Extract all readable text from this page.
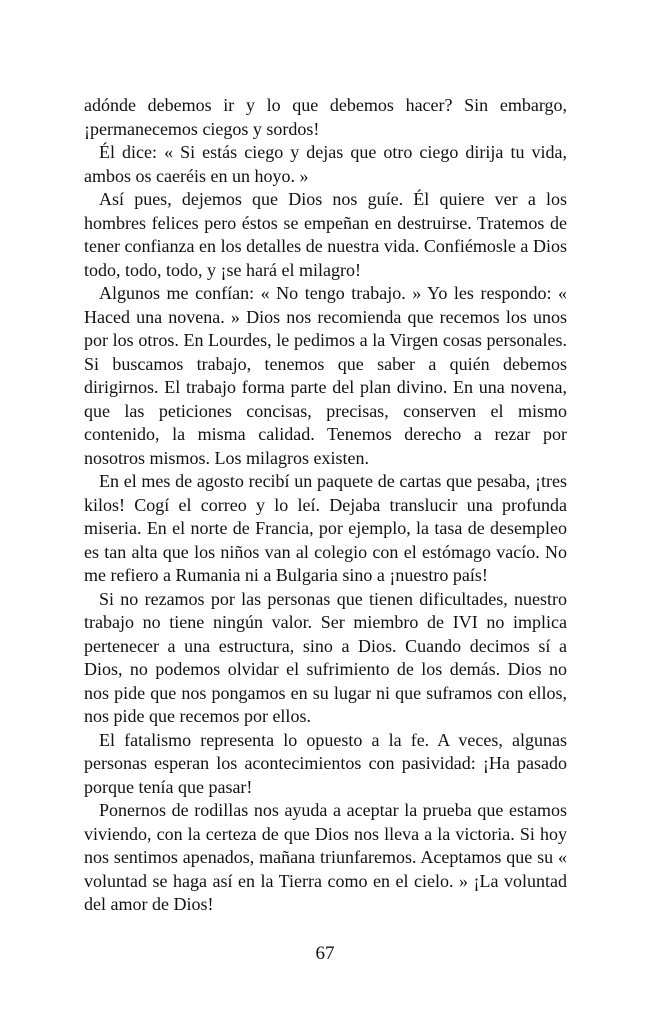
adónde debemos ir y lo que debemos hacer? Sin embargo, ¡permanecemos ciegos y sordos!

Él dice: « Si estás ciego y dejas que otro ciego dirija tu vida, ambos os caeréis en un hoyo. »

Así pues, dejemos que Dios nos guíe. Él quiere ver a los hombres felices pero éstos se empeñan en destruirse. Tratemos de tener confianza en los detalles de nuestra vida. Confiémosle a Dios todo, todo, todo, y ¡se hará el milagro!

Algunos me confían: « No tengo trabajo. » Yo les respondo: « Haced una novena. » Dios nos recomienda que recemos los unos por los otros. En Lourdes, le pedimos a la Virgen cosas personales. Si buscamos trabajo, tenemos que saber a quién debemos dirigirnos. El trabajo forma parte del plan divino. En una novena, que las peticiones concisas, precisas, conserven el mismo contenido, la misma calidad. Tenemos derecho a rezar por nosotros mismos. Los milagros existen.

En el mes de agosto recibí un paquete de cartas que pesaba, ¡tres kilos! Cogí el correo y lo leí. Dejaba translucir una profunda miseria. En el norte de Francia, por ejemplo, la tasa de desempleo es tan alta que los niños van al colegio con el estómago vacío. No me refiero a Rumania ni a Bulgaria sino a ¡nuestro país!

Si no rezamos por las personas que tienen dificultades, nuestro trabajo no tiene ningún valor. Ser miembro de IVI no implica pertenecer a una estructura, sino a Dios. Cuando decimos sí a Dios, no podemos olvidar el sufrimiento de los demás. Dios no nos pide que nos pongamos en su lugar ni que suframos con ellos, nos pide que recemos por ellos.

El fatalismo representa lo opuesto a la fe. A veces, algunas personas esperan los acontecimientos con pasividad: ¡Ha pasado porque tenía que pasar!

Ponernos de rodillas nos ayuda a aceptar la prueba que estamos viviendo, con la certeza de que Dios nos lleva a la victoria. Si hoy nos sentimos apenados, mañana triunfaremos. Aceptamos que su « voluntad se haga así en la Tierra como en el cielo. » ¡La voluntad del amor de Dios!

67
